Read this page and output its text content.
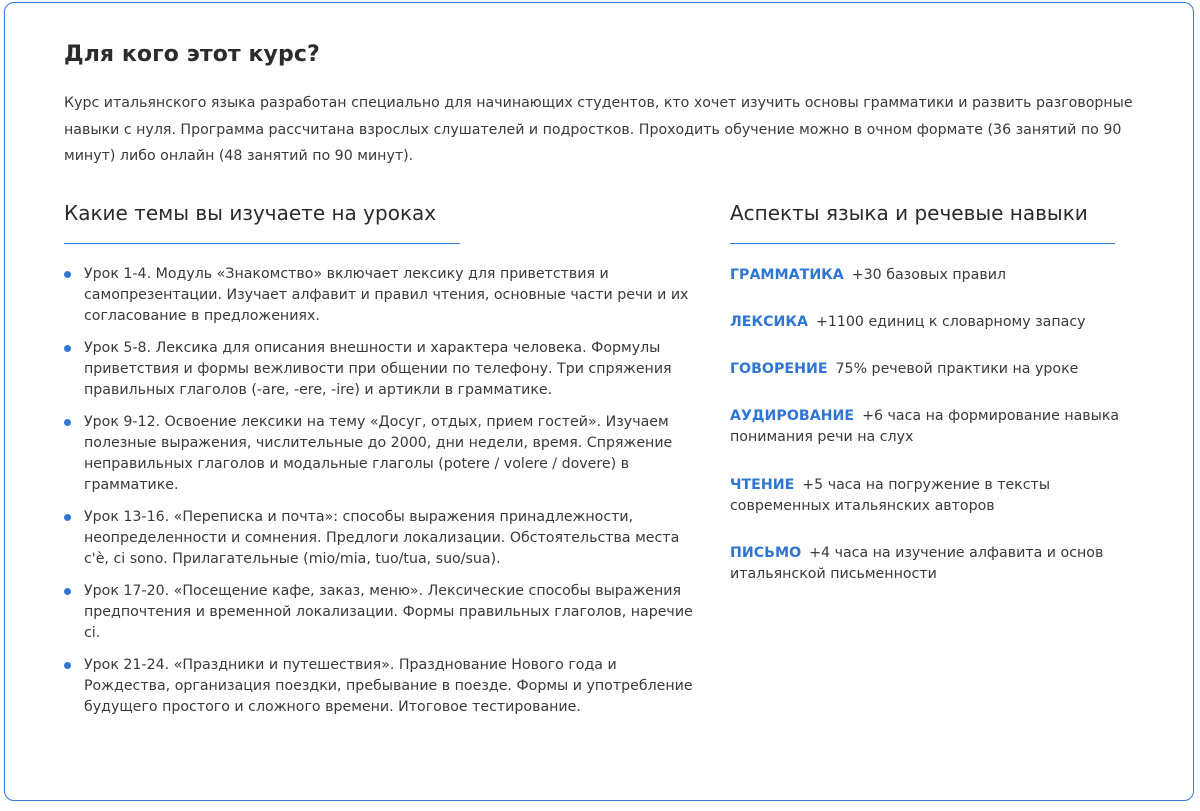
Для кого этот курс?

Курс итальянского языка разработан специально для начинающих студентов, кто хочет изучить основы грамматики и развить разговорные навыки с нуля. Программа рассчитана взрослых слушателей и подростков. Проходить обучение можно в очном формате (36 занятий по 90 минут) либо онлайн (48 занятий по 90 минут).

Какие темы вы изучаете на уроках
Урок 1-4. Модуль «Знакомство» включает лексику для приветствия и самопрезентации. Изучает алфавит и правил чтения, основные части речи и их согласование в предложениях.
Урок 5-8. Лексика для описания внешности и характера человека. Формулы приветствия и формы вежливости при общении по телефону. Три спряжения правильных глаголов (-are, -ere, -ire) и артикли в грамматике.
Урок 9-12. Освоение лексики на тему «Досуг, отдых, прием гостей». Изучаем полезные выражения, числительные до 2000, дни недели, время. Спряжение неправильных глаголов и модальные глаголы (potere / volere / dovere) в грамматике.
Урок 13-16. «Переписка и почта»: способы выражения принадлежности, неопределенности и сомнения. Предлоги локализации. Обстоятельства места c'è, ci sono. Прилагательные (mio/mia, tuo/tua, suo/sua).
Урок 17-20. «Посещение кафе, заказ, меню». Лексические способы выражения предпочтения и временной локализации. Формы правильных глаголов, наречие ci.
Урок 21-24. «Праздники и путешествия». Празднование Нового года и Рождества, организация поездки, пребывание в поезде. Формы и употребление будущего простого и сложного времени. Итоговое тестирование.
Аспекты языка и речевые навыки
ГРАММАТИКА +30 базовых правил
ЛЕКСИКА +1100 единиц к словарному запасу
ГОВОРЕНИЕ 75% речевой практики на уроке
АУДИРОВАНИЕ +6 часа на формирование навыка понимания речи на слух
ЧТЕНИЕ +5 часа на погружение в тексты современных итальянских авторов
ПИСЬМО +4 часа на изучение алфавита и основ итальянской письменности
